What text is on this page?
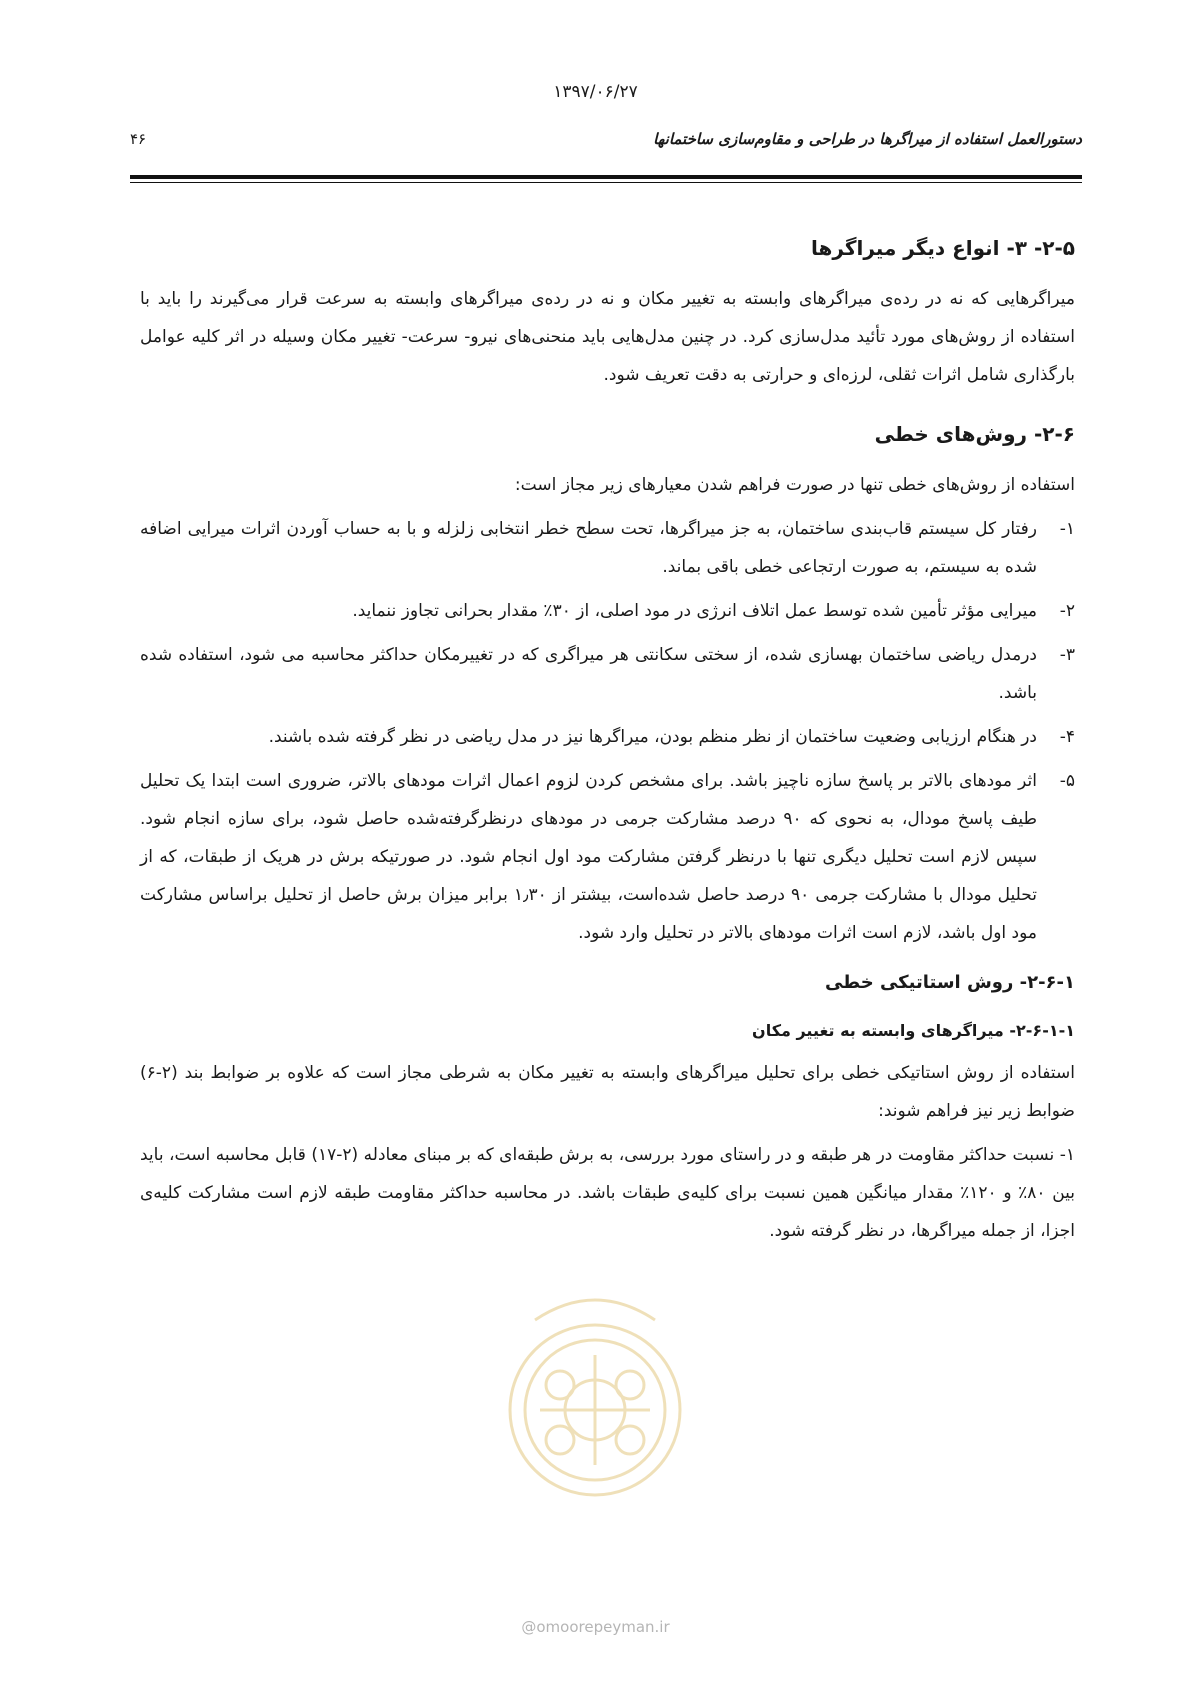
۱۳۹۷/۰۶/۲۷
دستورالعمل استفاده از میراگرها در طراحی و مقاوم‌سازی ساختمانها
۴۶
۲-۵- ۳- انواع دیگر میراگرها

میراگرهایی که نه در رده‌ی میراگرهای وابسته به تغییر مکان و نه در رده‌ی میراگرهای وابسته به سرعت قرار می‌گیرند را باید با استفاده از روش‌های مورد تأئید مدل‌سازی کرد. در چنین مدل‌هایی باید منحنی‌های نیرو- سرعت- تغییر مکان وسیله در اثر کلیه عوامل بارگذاری شامل اثرات ثقلی، لرزه‌ای و حرارتی به دقت تعریف شود.

۲-۶- روش‌های خطی

استفاده از روش‌های خطی تنها در صورت فراهم شدن معیارهای زیر مجاز است:

۱-
رفتار کل سیستم قاب‌بندی ساختمان، به جز میراگرها، تحت سطح خطر انتخابی زلزله و با به حساب آوردن اثرات میرایی اضافه شده به سیستم، به صورت ارتجاعی خطی باقی بماند.
۲-
میرایی مؤثر تأمین شده توسط عمل اتلاف انرژی در مود اصلی، از ۳۰٪ مقدار بحرانی تجاوز ننماید.
۳-
درمدل ریاضی ساختمان بهسازی شده، از سختی سکانتی هر میراگری که در تغییرمکان حداکثر محاسبه می شود، استفاده شده باشد.
۴-
در هنگام ارزیابی وضعیت ساختمان از نظر منظم بودن، میراگرها نیز در مدل ریاضی در نظر گرفته شده باشند.
۵-
اثر مودهای بالاتر بر پاسخ سازه ناچیز باشد. برای مشخص کردن لزوم اعمال اثرات مودهای بالاتر، ضروری است ابتدا یک تحلیل طیف پاسخ مودال، به نحوی که ۹۰ درصد مشارکت جرمی در مودهای درنظرگرفته‌شده حاصل شود، برای سازه انجام شود. سپس لازم است تحلیل دیگری تنها با درنظر گرفتن مشارکت مود اول انجام شود. در صورتیکه برش در هریک از طبقات، که از تحلیل مودال با مشارکت جرمی ۹۰ درصد حاصل شده‌است، بیشتر از ۱٫۳۰ برابر میزان برش حاصل از تحلیل براساس مشارکت مود اول باشد، لازم است اثرات مودهای بالاتر در تحلیل وارد شود.
۲-۶-۱- روش استاتیکی خطی
۲-۶-۱-۱- میراگرهای وابسته به تغییر مکان

استفاده از روش استاتیکی خطی برای تحلیل میراگرهای وابسته به تغییر مکان به شرطی مجاز است که علاوه بر ضوابط بند (۲-۶) ضوابط زیر نیز فراهم شوند:

۱- نسبت حداکثر مقاومت در هر طبقه و در راستای مورد بررسی، به برش طبقه‌ای که بر مبنای معادله (۲-۱۷) قابل محاسبه است، باید بین ۸۰٪ و ۱۲۰٪ مقدار میانگین همین نسبت برای کلیه‌ی طبقات باشد. در محاسبه حداکثر مقاومت طبقه لازم است مشارکت کلیه‌ی اجزا، از جمله میراگرها، در نظر گرفته شود.

@omoorepeyman.ir
